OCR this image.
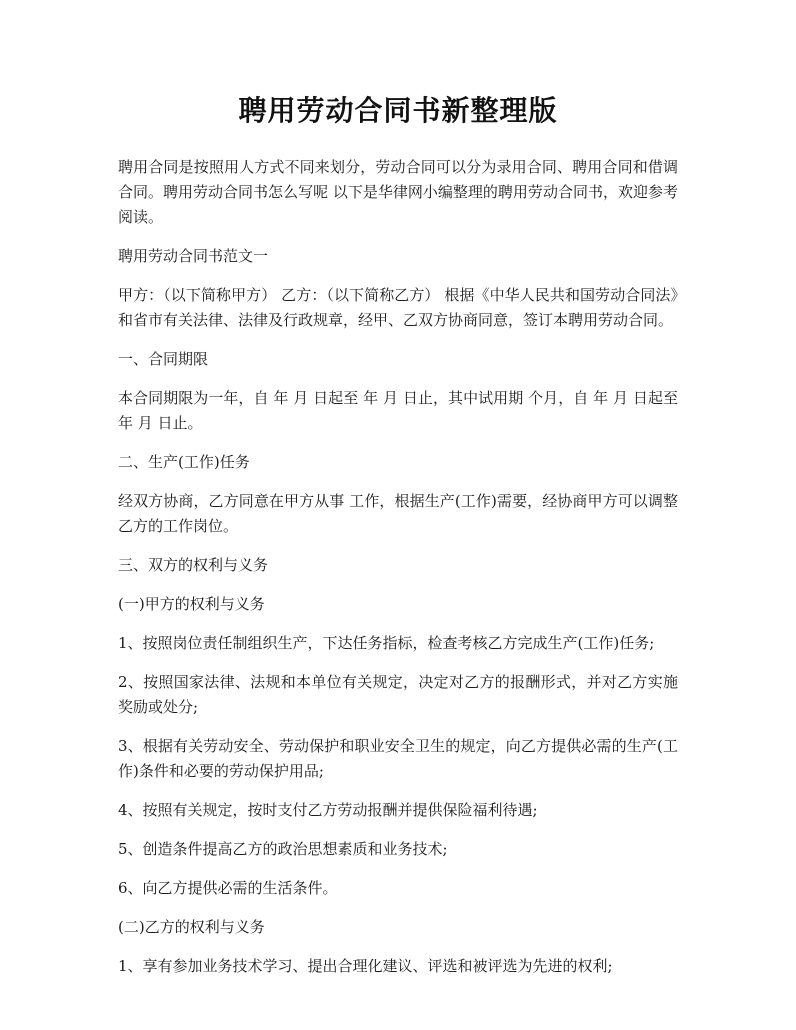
聘用劳动合同书新整理版

聘用合同是按照用人方式不同来划分，劳动合同可以分为录用合同、聘用合同和借调合同。聘用劳动合同书怎么写呢 以下是华律网小编整理的聘用劳动合同书，欢迎参考阅读。

聘用劳动合同书范文一

甲方：（以下简称甲方） 乙方：（以下简称乙方） 根据《中华人民共和国劳动合同法》和省市有关法律、法律及行政规章，经甲、乙双方协商同意，签订本聘用劳动合同。

一、合同期限

本合同期限为一年，自 年 月 日起至 年 月 日止，其中试用期 个月，自 年 月 日起至 年 月 日止。

二、生产(工作)任务

经双方协商，乙方同意在甲方从事 工作，根据生产(工作)需要，经协商甲方可以调整乙方的工作岗位。

三、双方的权利与义务

(一)甲方的权利与义务

1、按照岗位责任制组织生产，下达任务指标，检查考核乙方完成生产(工作)任务;

2、按照国家法律、法规和本单位有关规定，决定对乙方的报酬形式，并对乙方实施奖励或处分;

3、根据有关劳动安全、劳动保护和职业安全卫生的规定，向乙方提供必需的生产(工作)条件和必要的劳动保护用品;

4、按照有关规定，按时支付乙方劳动报酬并提供保险福利待遇;

5、创造条件提高乙方的政治思想素质和业务技术;

6、向乙方提供必需的生活条件。

(二)乙方的权利与义务

1、享有参加业务技术学习、提出合理化建议、评选和被评选为先进的权利;
